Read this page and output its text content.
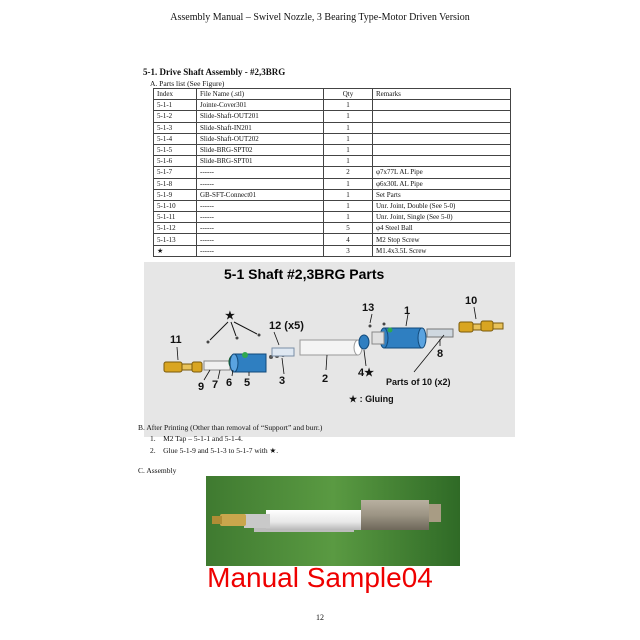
Assembly Manual – Swivel Nozzle, 3 Bearing Type-Motor Driven Version
5-1. Drive Shaft Assembly - #2,3BRG
A. Parts list (See Figure)
Index	File Name (.stl)	Qty	Remarks
5-1-1	Jointe-Cover301	1	
5-1-2	Slide-Shaft-OUT201	1	
5-1-3	Slide-Shaft-IN201	1	
5-1-4	Slide-Shaft-OUT202	1	
5-1-5	Slide-BRG-SPT02	1	
5-1-6	Slide-BRG-SPT01	1	
5-1-7	------	2	φ7x77L AL Pipe
5-1-8	------	1	φ6x30L AL Pipe
5-1-9	GB-SFT-Connect01	1	Set Parts
5-1-10	------	1	Unr. Joint, Double (See 5-0)
5-1-11	------	1	Unr. Joint, Single (See 5-0)
5-1-12	------	5	φ4 Steel Ball
5-1-13	------	4	M2 Stop Screw
★	------	3	M1.4x3.5L Screw
5-1 Shaft #2,3BRG Parts
★
11
12 (x5)
13	1
10
8
9 7 6 5	3	2	4★
Parts of 10 (x2)
★ : Gluing
B. After Printing (Other than removal of “Support” and burr.)
1.    M2 Tap – 5-1-1 and 5-1-4.
2.    Glue 5-1-9 and 5-1-3 to 5-1-7 with ★.
C. Assembly
Manual Sample04
12
